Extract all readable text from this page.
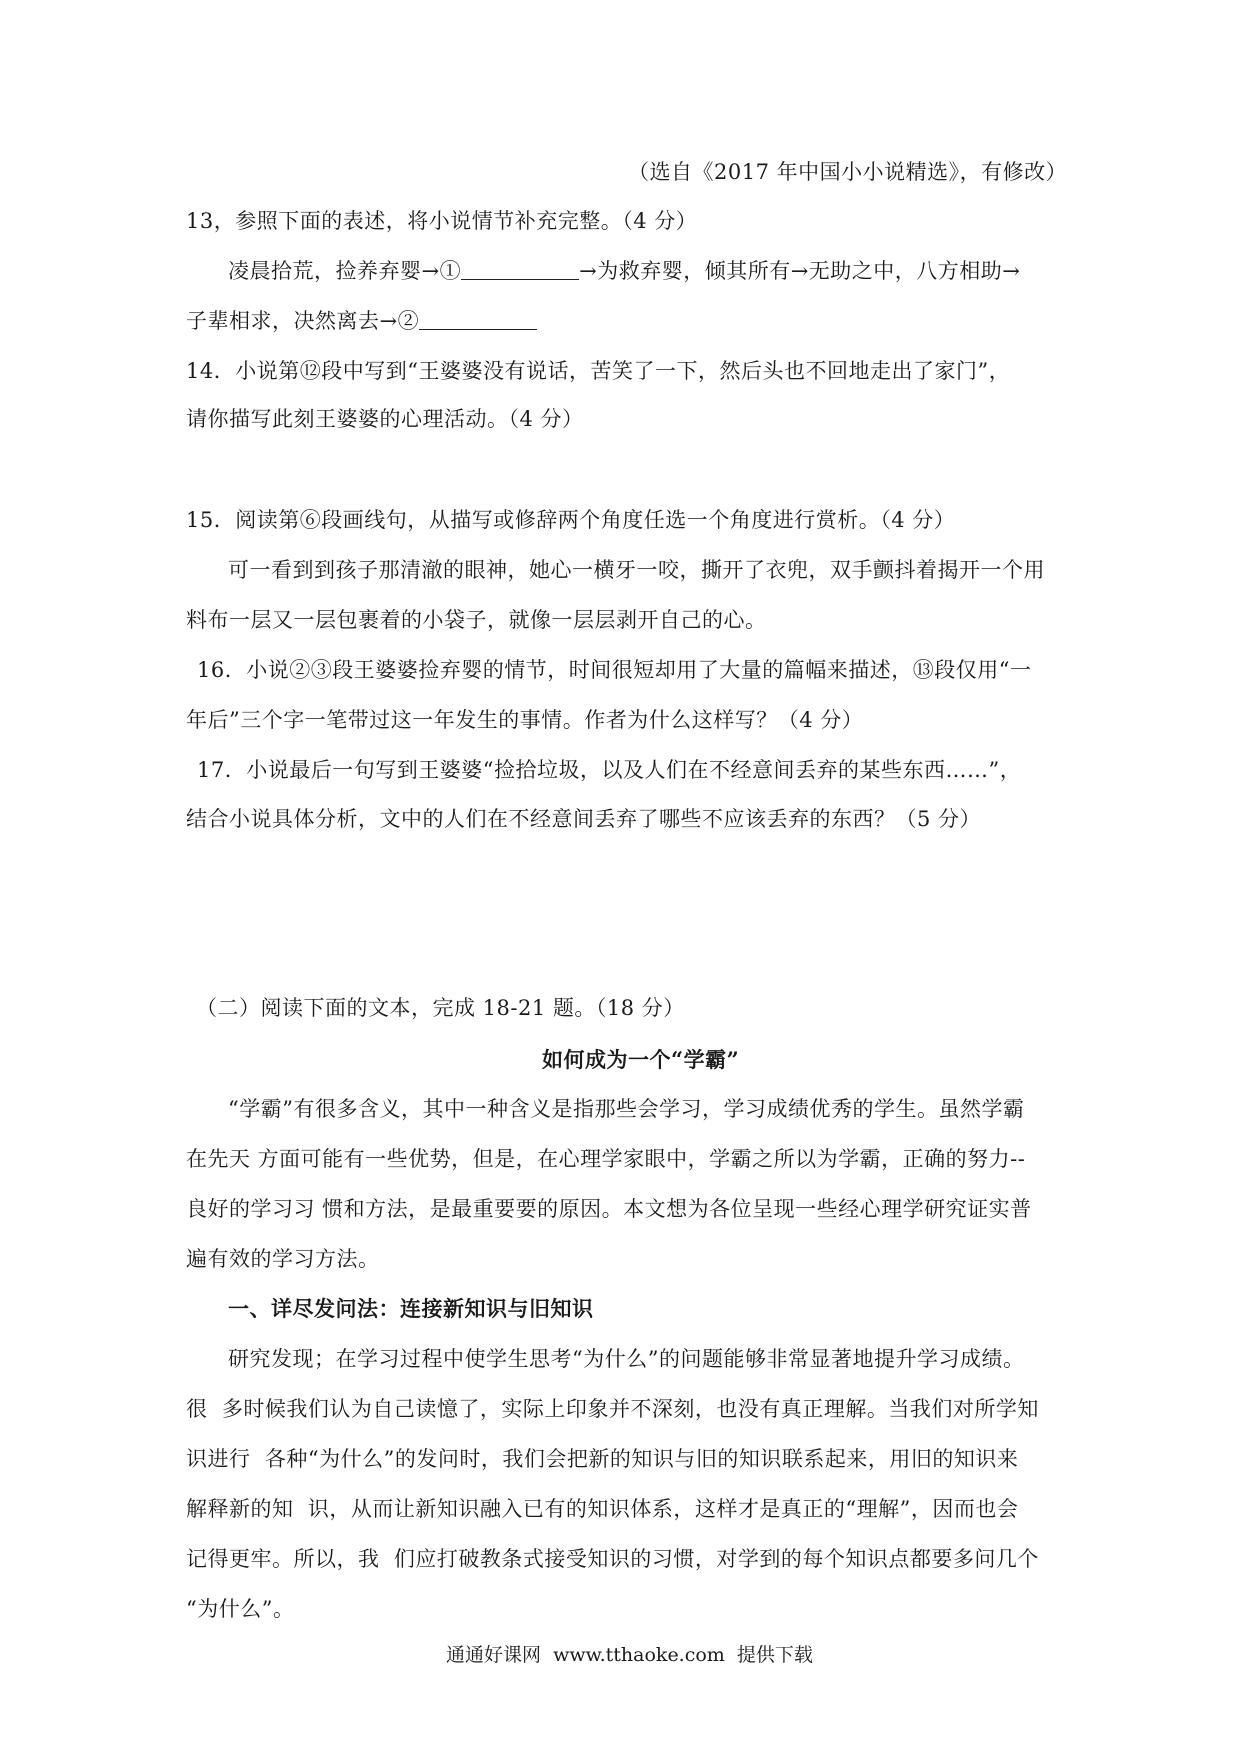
（选自《2017 年中国小小说精选》，有修改）
13，参照下面的表述，将小说情节补充完整。（4 分）
凌晨拾荒，捡养弃婴→①	→为救弃婴，倾其所有→无助之中，八方相助→
子辈相求，决然离去→②
14．小说第⑫段中写到“王婆婆没有说话，苦笑了一下，然后头也不回地走出了家门”，
请你描写此刻王婆婆的心理活动。（4 分）
15．阅读第⑥段画线句，从描写或修辞两个角度任选一个角度进行赏析。（4 分）
可一看到到孩子那清澈的眼神，她心一横牙一咬，撕开了衣兜，双手颤抖着揭开一个用
料布一层又一层包裹着的小袋子，就像一层层剥开自己的心。
16．小说②③段王婆婆捡弃婴的情节，时间很短却用了大量的篇幅来描述，⑬段仅用“一
年后”三个字一笔带过这一年发生的事情。作者为什么这样写？（4 分）
17．小说最后一句写到王婆婆“捡拾垃圾，以及人们在不经意间丢弃的某些东西……”，
结合小说具体分析，文中的人们在不经意间丢弃了哪些不应该丢弃的东西？（5 分）
（二）阅读下面的文本，完成 18-21 题。（18 分）
如何成为一个“学霸”
“学霸”有很多含义，其中一种含义是指那些会学习，学习成绩优秀的学生。虽然学霸
在先天 方面可能有一些优势，但是，在心理学家眼中，学霸之所以为学霸，正确的努力--
良好的学习习 惯和方法，是最重要要的原因。本文想为各位呈现一些经心理学研究证实普
遍有效的学习方法。
一、详尽发问法：连接新知识与旧知识
研究发现；在学习过程中使学生思考“为什么”的问题能够非常显著地提升学习成绩。
很  多时候我们认为自己读憶了，实际上印象并不深刻，也没有真正理解。当我们对所学知
识进行  各种“为什么”的发问时，我们会把新的知识与旧的知识联系起来，用旧的知识来
解释新的知  识，从而让新知识融入已有的知识体系，这样才是真正的“理解”，因而也会
记得更牢。所以，我  们应打破教条式接受知识的习惯，对学到的每个知识点都要多问几个
“为什么”。
通通好课网  www.tthaoke.com  提供下载
